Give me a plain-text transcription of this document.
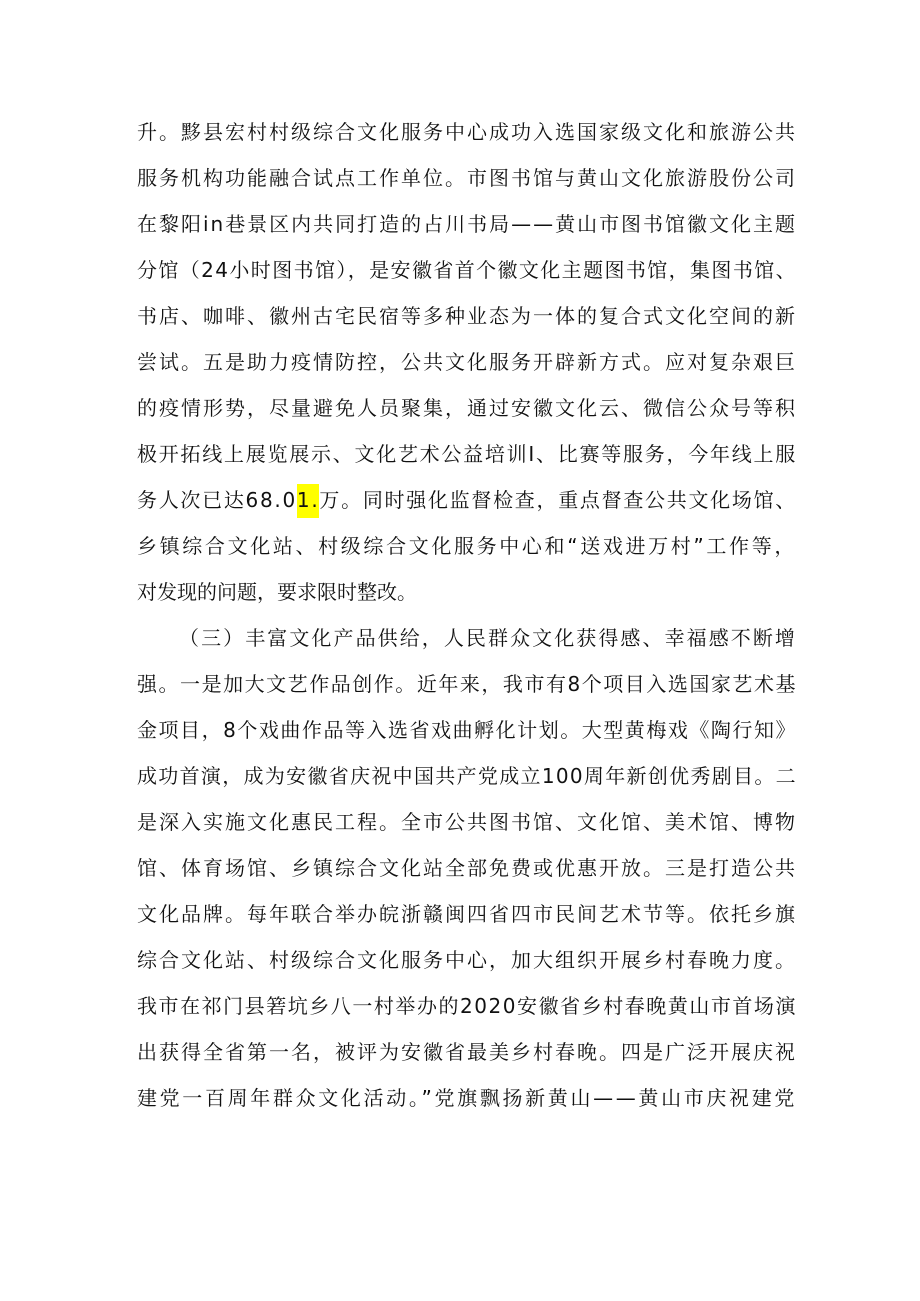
升。黟县宏村村级综合文化服务中心成功入选国家级文化和旅游公共
服务机构功能融合试点工作单位。市图书馆与黄山文化旅游股份公司
在黎阳in巷景区内共同打造的占川书局——黄山市图书馆徽文化主题
分馆（24小时图书馆），是安徽省首个徽文化主题图书馆，集图书馆、
书店、咖啡、徽州古宅民宿等多种业态为一体的复合式文化空间的新
尝试。五是助力疫情防控，公共文化服务开辟新方式。应对复杂艰巨
的疫情形势，尽量避免人员聚集，通过安徽文化云、微信公众号等积
极开拓线上展览展示、文化艺术公益培训I、比赛等服务，今年线上服
务人次已达68.01.万。同时强化监督检查，重点督查公共文化场馆、
乡镇综合文化站、村级综合文化服务中心和“送戏进万村”工作等，
对发现的问题，要求限时整改。
（三）丰富文化产品供给，人民群众文化获得感、幸福感不断增
强。一是加大文艺作品创作。近年来，我市有8个项目入选国家艺术基
金项目，8个戏曲作品等入选省戏曲孵化计划。大型黄梅戏《陶行知》
成功首演，成为安徽省庆祝中国共产党成立100周年新创优秀剧目。二
是深入实施文化惠民工程。全市公共图书馆、文化馆、美术馆、博物
馆、体育场馆、乡镇综合文化站全部免费或优惠开放。三是打造公共
文化品牌。每年联合举办皖浙赣闽四省四市民间艺术节等。依托乡旗
综合文化站、村级综合文化服务中心，加大组织开展乡村春晚力度。
我市在祁门县箬坑乡八一村举办的2020安徽省乡村春晚黄山市首场演
出获得全省第一名，被评为安徽省最美乡村春晚。四是广泛开展庆祝
建党一百周年群众文化活动。”党旗飘扬新黄山——黄山市庆祝建党
